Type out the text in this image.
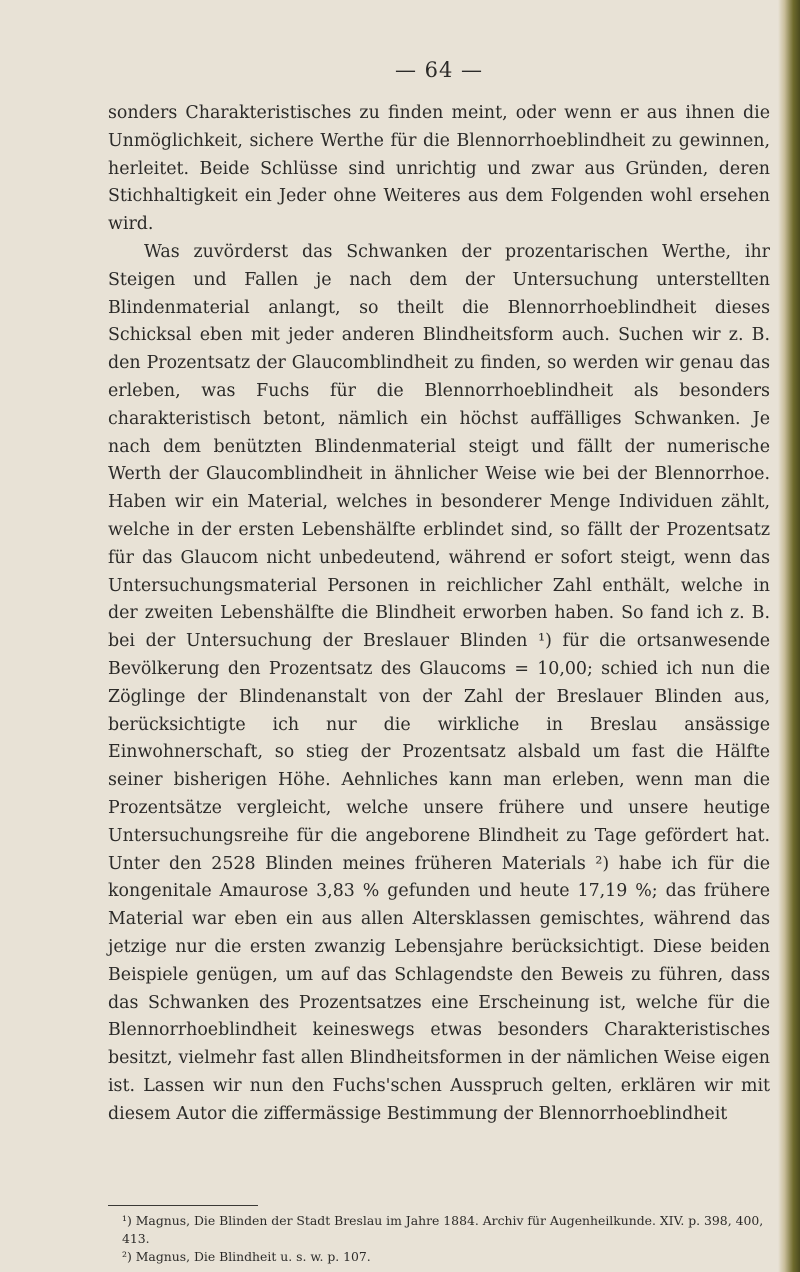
— 64 —

sonders Charakteristisches zu finden meint, oder wenn er aus ihnen die Unmöglichkeit, sichere Werthe für die Blennorrhoeblindheit zu gewinnen, herleitet. Beide Schlüsse sind unrichtig und zwar aus Gründen, deren Stichhaltigkeit ein Jeder ohne Weiteres aus dem Folgenden wohl ersehen wird.

Was zuvörderst das Schwanken der prozentarischen Werthe, ihr Steigen und Fallen je nach dem der Untersuchung unterstellten Blindenmaterial anlangt, so theilt die Blennorrhoeblindheit dieses Schicksal eben mit jeder anderen Blindheitsform auch. Suchen wir z. B. den Prozentsatz der Glaucomblindheit zu finden, so werden wir genau das erleben, was Fuchs für die Blennorrhoeblindheit als besonders charakteristisch betont, nämlich ein höchst auffälliges Schwanken. Je nach dem benützten Blindenmaterial steigt und fällt der numerische Werth der Glaucomblindheit in ähnlicher Weise wie bei der Blennorrhoe. Haben wir ein Material, welches in besonderer Menge Individuen zählt, welche in der ersten Lebenshälfte erblindet sind, so fällt der Prozentsatz für das Glaucom nicht unbedeutend, während er sofort steigt, wenn das Untersuchungsmaterial Personen in reichlicher Zahl enthält, welche in der zweiten Lebenshälfte die Blindheit erworben haben. So fand ich z. B. bei der Untersuchung der Breslauer Blinden ¹) für die ortsanwesende Bevölkerung den Prozentsatz des Glaucoms = 10,00; schied ich nun die Zöglinge der Blindenanstalt von der Zahl der Breslauer Blinden aus, berücksichtigte ich nur die wirkliche in Breslau ansässige Einwohnerschaft, so stieg der Prozentsatz alsbald um fast die Hälfte seiner bisherigen Höhe. Aehnliches kann man erleben, wenn man die Prozentsätze vergleicht, welche unsere frühere und unsere heutige Untersuchungsreihe für die angeborene Blindheit zu Tage gefördert hat. Unter den 2528 Blinden meines früheren Materials ²) habe ich für die kongenitale Amaurose 3,83 % gefunden und heute 17,19 %; das frühere Material war eben ein aus allen Altersklassen gemischtes, während das jetzige nur die ersten zwanzig Lebensjahre berücksichtigt. Diese beiden Beispiele genügen, um auf das Schlagendste den Beweis zu führen, dass das Schwanken des Prozentsatzes eine Erscheinung ist, welche für die Blennorrhoeblindheit keineswegs etwas besonders Charakteristisches besitzt, vielmehr fast allen Blindheitsformen in der nämlichen Weise eigen ist. Lassen wir nun den Fuchs'schen Ausspruch gelten, erklären wir mit diesem Autor die ziffermässige Bestimmung der Blennorrhoeblindheit

¹) Magnus, Die Blinden der Stadt Breslau im Jahre 1884. Archiv für Augenheilkunde. XIV. p. 398, 400, 413.
²) Magnus, Die Blindheit u. s. w. p. 107.
